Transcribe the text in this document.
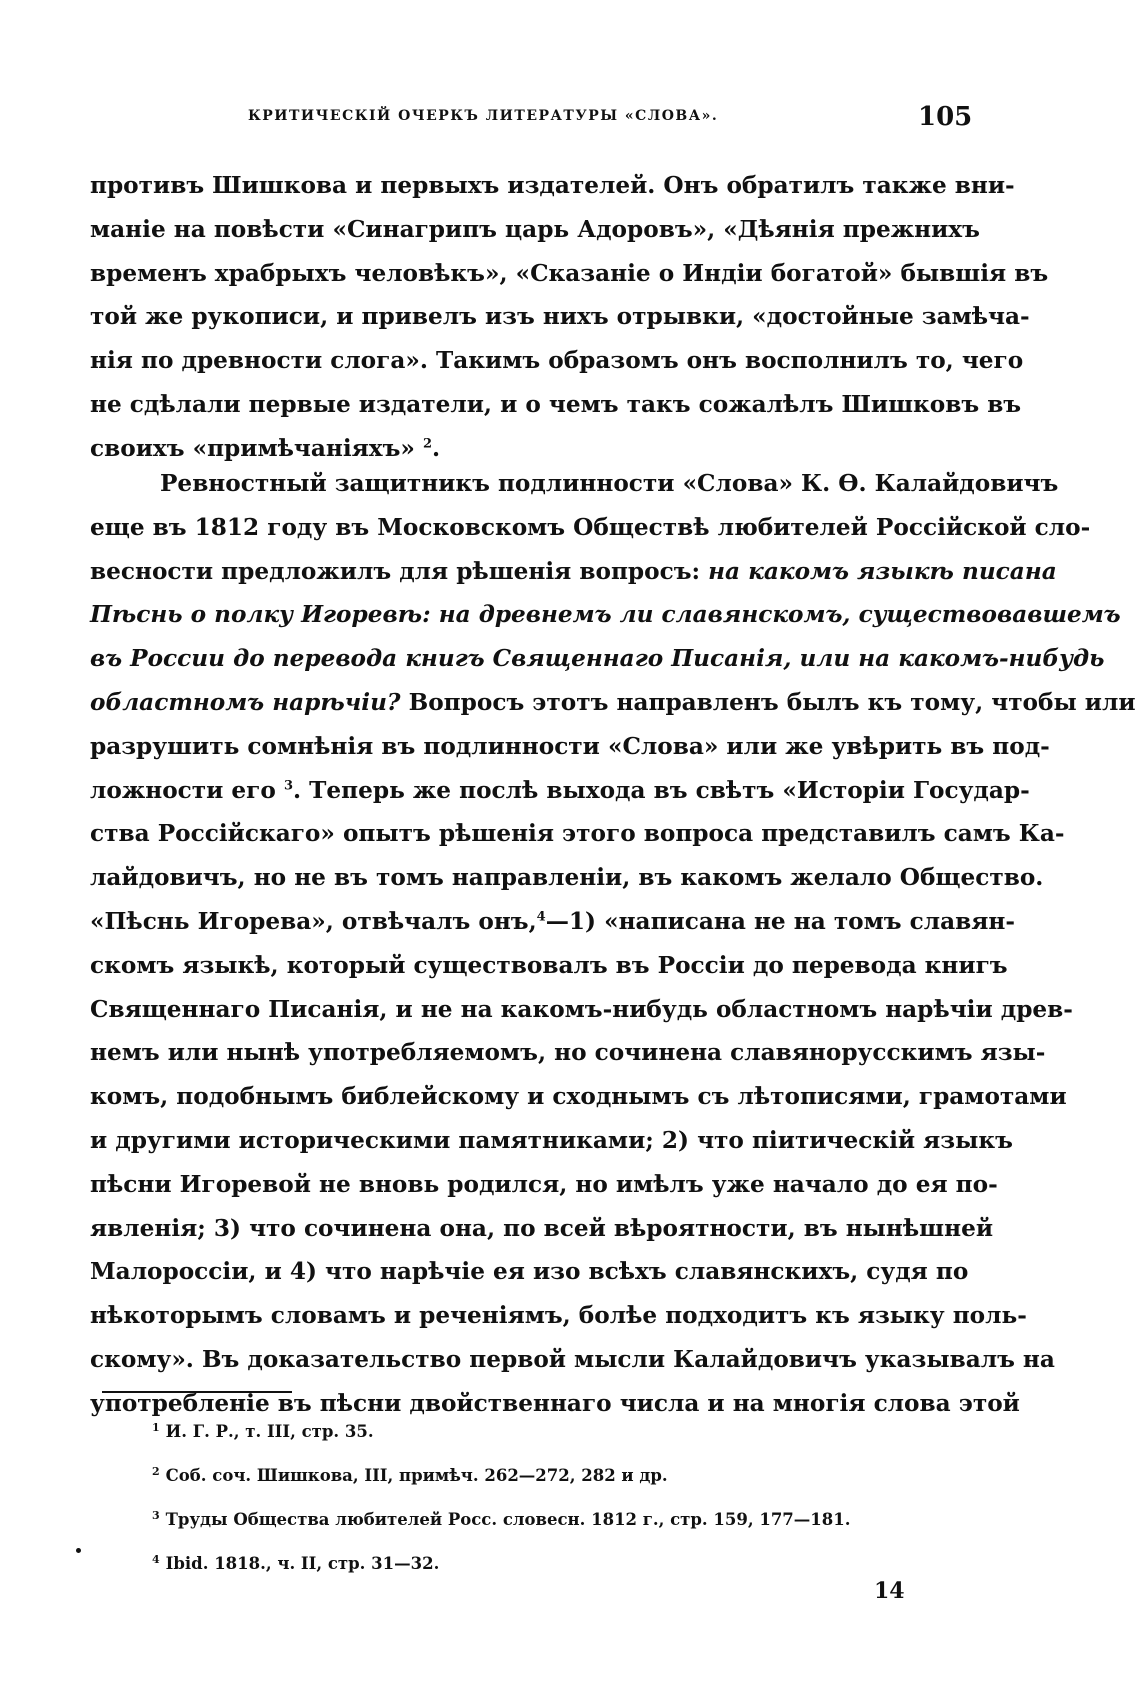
КРИТИЧЕСКІЙ ОЧЕРКЪ ЛИТЕРАТУРЫ «СЛОВА».	105
противъ Шишкова и первыхъ издателей. Онъ обратилъ также вни-
маніе на повѣсти «Синагрипъ царь Адоровъ», «Дѣянія прежнихъ
временъ храбрыхъ человѣкъ», «Сказаніе о Индіи богатой» бывшія въ
той же рукописи, и привелъ изъ нихъ отрывки, «достойные замѣча-
нія по древности слога». Такимъ образомъ онъ восполнилъ то, чего
не сдѣлали первые издатели, и о чемъ такъ сожалѣлъ Шишковъ въ
своихъ «примѣчаніяхъ» $^2$.
Ревностный защитникъ подлинности «Слова» К. Ѳ. Калайдовичъ
еще въ 1812 году въ Московскомъ Обществѣ любителей Россійской сло-
весности предложилъ для рѣшенія вопросъ: на какомъ языкѣ писана
Пѣснь о полку Игоревѣ: на древнемъ ли славянскомъ, существовавшемъ
въ России до перевода книгъ Священнаго Писанія, или на какомъ-нибудь
областномъ нарѣчіи? Вопросъ этотъ направленъ былъ къ тому, чтобы или
разрушить сомнѣнія въ подлинности «Слова» или же увѣрить въ под-
ложности его $^3$. Теперь же послѣ выхода въ свѣтъ «Исторіи Государ-
ства Россійскаго» опытъ рѣшенія этого вопроса представилъ самъ Ка-
лайдовичъ, но не въ томъ направленіи, въ какомъ желало Общество.
«Пѣснь Игорева», отвѣчалъ онъ,$^4$—1) «написана не на томъ славян-
скомъ языкѣ, который существовалъ въ Россіи до перевода книгъ
Священнаго Писанія, и не на какомъ-нибудь областномъ нарѣчіи древ-
немъ или нынѣ употребляемомъ, но сочинена славянорусскимъ язы-
комъ, подобнымъ библейскому и сходнымъ съ лѣтописями, грамотами
и другими историческими памятниками; 2) что піитическій языкъ
пѣсни Игоревой не вновь родился, но имѣлъ уже начало до ея по-
явленія; 3) что сочинена она, по всей вѣроятности, въ нынѣшней
Малороссіи, и 4) что нарѣчіе ея изо всѣхъ славянскихъ, судя по
нѣкоторымъ словамъ и реченіямъ, болѣе подходитъ къ языку поль-
скому». Въ доказательство первой мысли Калайдовичъ указывалъ на
употребленіе въ пѣсни двойственнаго числа и на многія слова этой
$^1$ И. Г. Р., т. III, стр. 35.
$^2$ Соб. соч. Шишкова, III, примѣч. 262—272, 282 и др.
$^3$ Труды Общества любителей Росс. словесн. 1812 г., стр. 159, 177—181.
$^4$ Ibid. 1818., ч. II, стр. 31—32.
14
